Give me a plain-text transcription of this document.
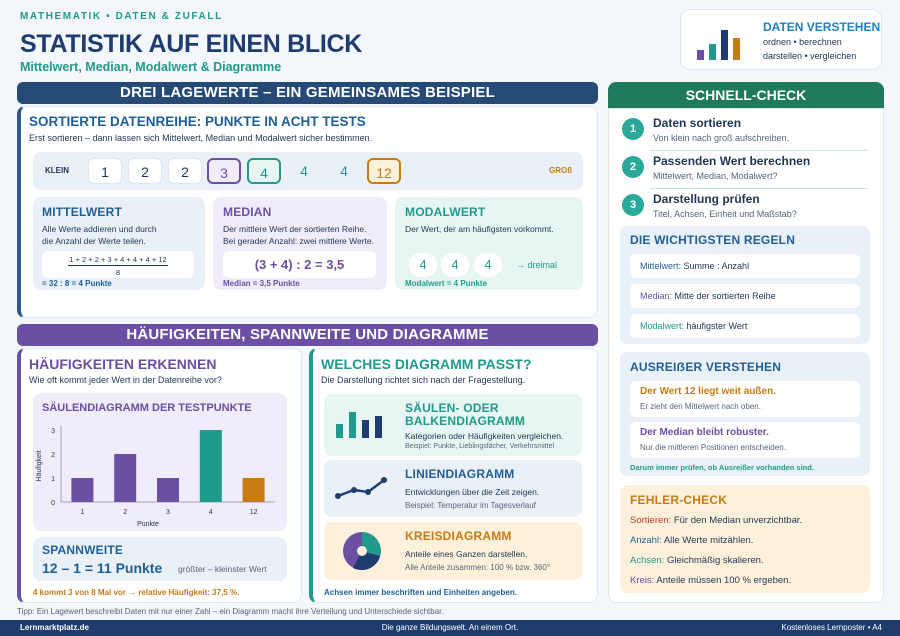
MATHEMATIK • DATEN & ZUFALL
STATISTIK AUF EINEN BLICK
Mittelwert, Median, Modalwert & Diagramme
DATEN VERSTEHEN
ordnen • berechnen
darstellen • vergleichen
DREI LAGEWERTE – EIN GEMEINSAMES BEISPIEL
SORTIERTE DATENREIHE: PUNKTE IN ACHT TESTS
Erst sortieren – dann lassen sich Mittelwert, Median und Modalwert sicher bestimmen.
KLEIN	GROß
1	2	2	3	4	4	4	12
MITTELWERT
Alle Werte addieren und durch
die Anzahl der Werte teilen.
1 + 2 + 2 + 3 + 4 + 4 + 4 + 12
8
= 32 : 8 = 4 Punkte
MEDIAN
Der mittlere Wert der sortierten Reihe.
Bei gerader Anzahl: zwei mittlere Werte.
(3 + 4) : 2 = 3,5
Median = 3,5 Punkte
MODALWERT
Der Wert, der am häufigsten vorkommt.
4	4	4	→ dreimal
Modalwert = 4 Punkte
HÄUFIGKEITEN, SPANNWEITE UND DIAGRAMME
HÄUFIGKEITEN ERKENNEN
Wie oft kommt jeder Wert in der Datenreihe vor?
SÄULENDIAGRAMM DER TESTPUNKTE
0
1
2
3
1	2	3	4	12
Punkte
Häufigkeit
SPANNWEITE
12 – 1 = 11 Punkte größter – kleinster Wert
4 kommt 3 von 8 Mal vor → relative Häufigkeit: 37,5 %.
WELCHES DIAGRAMM PASST?
Die Darstellung richtet sich nach der Fragestellung.
SÄULEN- ODER
BALKENDIAGRAMM
Kategorien oder Häufigkeiten vergleichen.
Beispiel: Punkte, Lieblingsfächer, Verkehrsmittel
LINIENDIAGRAMM
Entwicklungen über die Zeit zeigen.
Beispiel: Temperatur im Tagesverlauf
KREISDIAGRAMM
Anteile eines Ganzen darstellen.
Alle Anteile zusammen: 100 % bzw. 360°
Achsen immer beschriften und Einheiten angeben.
SCHNELL-CHECK
1	Daten sortieren
Von klein nach groß aufschreiben.
2	Passenden Wert berechnen
Mittelwert, Median, Modalwert?
3	Darstellung prüfen
Titel, Achsen, Einheit und Maßstab?
DIE WICHTIGSTEN REGELN
Mittelwert: Summe : Anzahl
Median: Mitte der sortierten Reihe
Modalwert: häufigster Wert
AUSREIẞER VERSTEHEN
Der Wert 12 liegt weit außen.
Er zieht den Mittelwert nach oben.
Der Median bleibt robuster.
Nur die mittleren Positionen entscheiden.
Darum immer prüfen, ob Ausreißer vorhanden sind.
FEHLER-CHECK
Sortieren: Für den Median unverzichtbar.
Anzahl: Alle Werte mitzählen.
Achsen: Gleichmäßig skalieren.
Kreis: Anteile müssen 100 % ergeben.
Tipp: Ein Lagewert beschreibt Daten mit nur einer Zahl – ein Diagramm macht ihre Verteilung und Unterschiede sichtbar.
Lernmarktplatz.de	Die ganze Bildungswelt. An einem Ort.	Kostenloses Lernposter • A4
